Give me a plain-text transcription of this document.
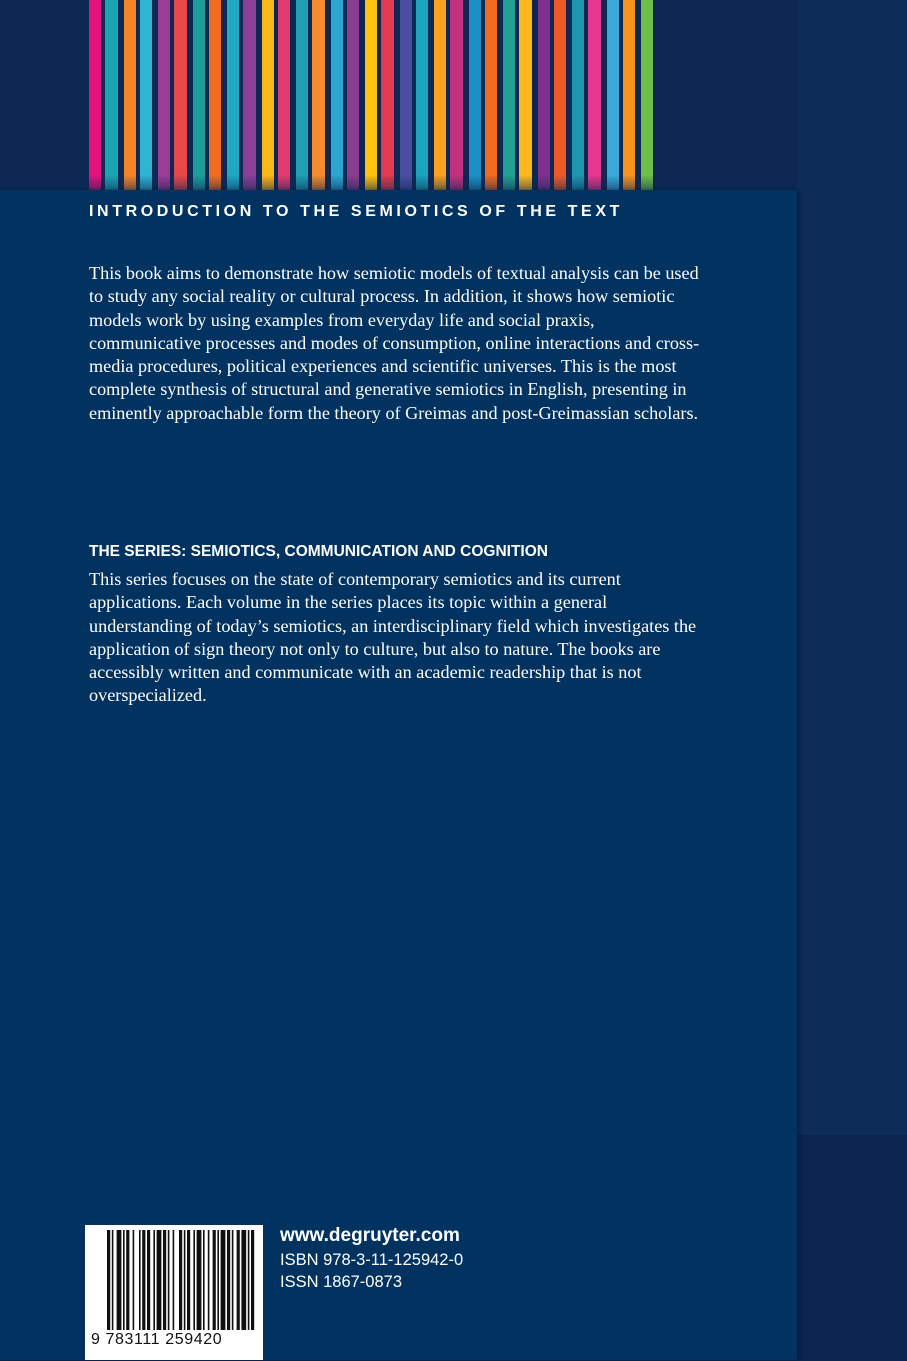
INTRODUCTION TO THE SEMIOTICS OF THE TEXT

This book aims to demonstrate how semiotic models of textual analysis can be used to study any social reality or cultural process. In addition, it shows how semiotic models work by using examples from everyday life and social praxis, communicative processes and modes of consumption, online interactions and cross-media procedures, political experiences and scientific universes. This is the most complete synthesis of structural and generative semiotics in English, presenting in eminently approachable form the theory of Greimas and post-Greimassian scholars.

THE SERIES: SEMIOTICS, COMMUNICATION AND COGNITION

This series focuses on the state of contemporary semiotics and its current applications. Each volume in the series places its topic within a general understanding of today’s semiotics, an interdisciplinary field which investigates the application of sign theory not only to culture, but also to nature. The books are accessibly written and communicate with an academic readership that is not overspecialized.

9 783111 259420
www.degruyter.com
ISBN 978-3-11-125942-0
ISSN 1867-0873
